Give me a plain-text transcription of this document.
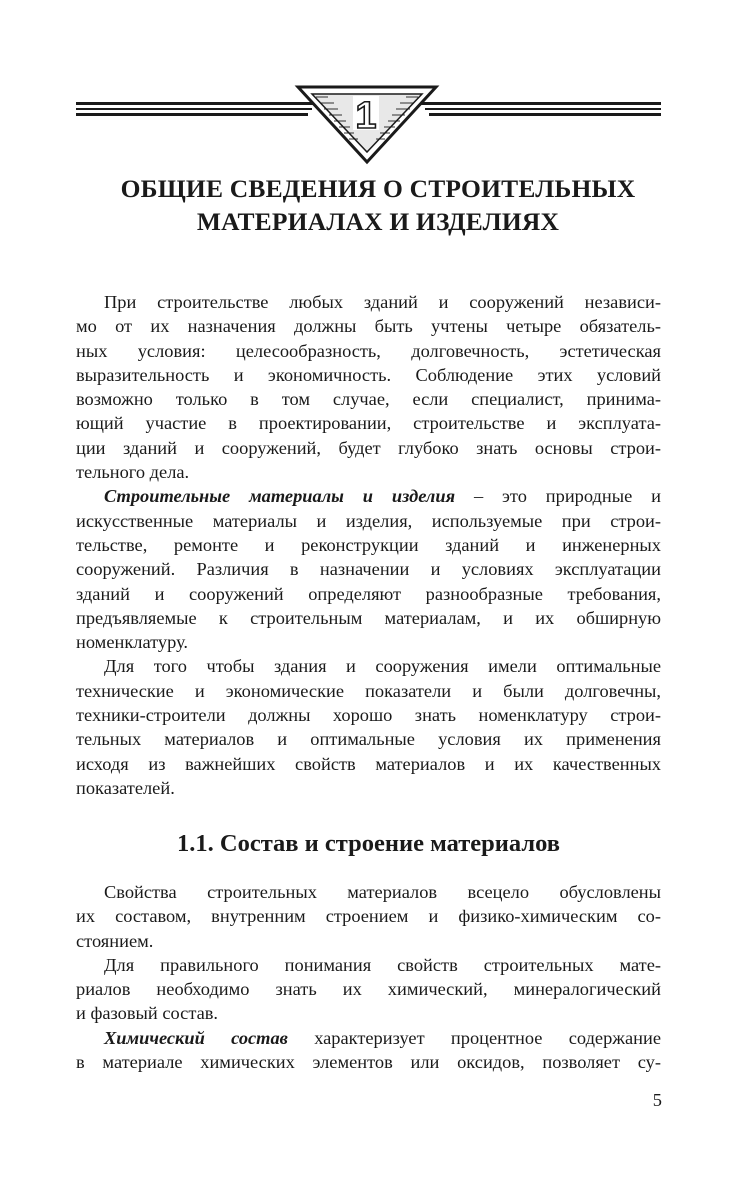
1
ОБЩИЕ СВЕДЕНИЯ О СТРОИТЕЛЬНЫХ
МАТЕРИАЛАХ И ИЗДЕЛИЯХ

При строительстве любых зданий и сооружений независи-
мо от их назначения должны быть учтены четыре обязатель-
ных условия: целесообразность, долговечность, эстетическая
выразительность и экономичность. Соблюдение этих условий
возможно только в том случае, если специалист, принима-
ющий участие в проектировании, строительстве и эксплуата-
ции зданий и сооружений, будет глубоко знать основы строи-
тельного дела.

Строительные материалы и изделия – это природные и
искусственные материалы и изделия, используемые при строи-
тельстве, ремонте и реконструкции зданий и инженерных
сооружений. Различия в назначении и условиях эксплуатации
зданий и сооружений определяют разнообразные требования,
предъявляемые к строительным материалам, и их обширную
номенклатуру.

Для того чтобы здания и сооружения имели оптимальные
технические и экономические показатели и были долговечны,
техники-строители должны хорошо знать номенклатуру строи-
тельных материалов и оптимальные условия их применения
исходя из важнейших свойств материалов и их качественных
показателей.

1.1. Состав и строение материалов

Свойства строительных материалов всецело обусловлены
их составом, внутренним строением и физико-химическим со-
стоянием.

Для правильного понимания свойств строительных мате-
риалов необходимо знать их химический, минералогический
и фазовый состав.

Химический состав характеризует процентное содержание
в материале химических элементов или оксидов, позволяет су-

5
